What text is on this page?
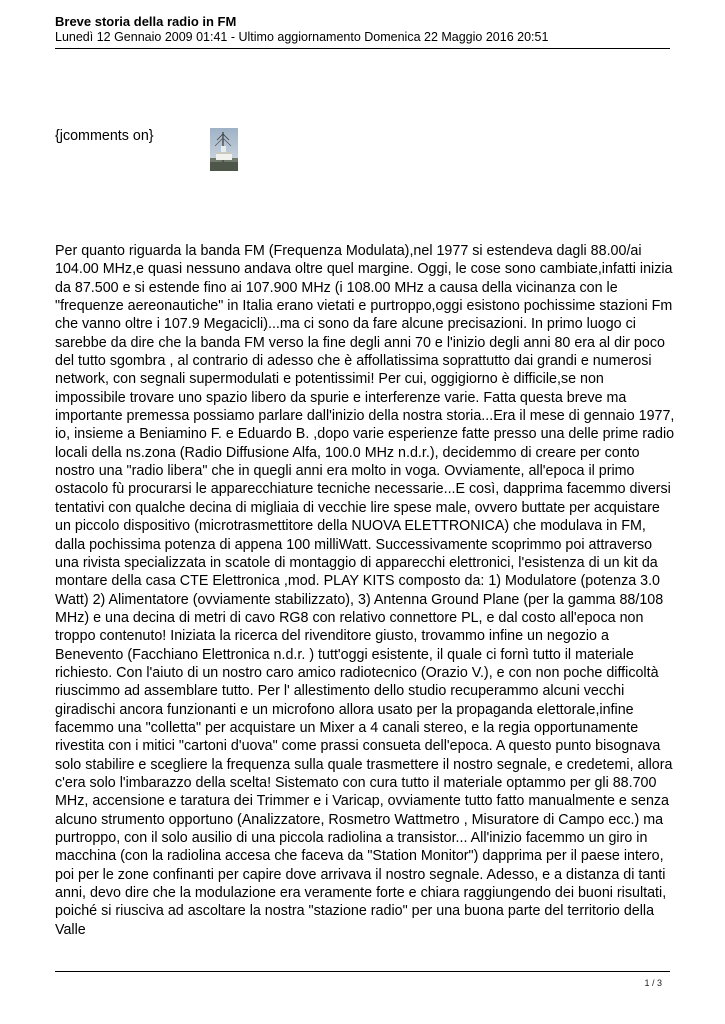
Breve storia della radio in FM

Lunedì 12 Gennaio 2009 01:41 - Ultimo aggiornamento Domenica 22 Maggio 2016 20:51

{jcomments on}

Per quanto riguarda la banda FM (Frequenza Modulata),nel 1977 si estendeva dagli 88.00/ai 104.00 MHz,e quasi nessuno andava oltre quel margine. Oggi, le cose sono cambiate,infatti inizia da 87.500 e si estende fino ai 107.900 MHz (i 108.00 MHz a causa della vicinanza con le "frequenze aereonautiche" in Italia erano vietati e purtroppo,oggi esistono pochissime stazioni Fm che vanno oltre i 107.9 Megacicli)...ma ci sono da fare alcune precisazioni. In primo luogo ci sarebbe da dire che la banda FM verso la fine degli anni 70 e l'inizio degli anni 80 era al dir poco del tutto sgombra , al contrario di adesso che è affollatissima soprattutto dai grandi e numerosi network, con segnali supermodulati e potentissimi! Per cui, oggigiorno è difficile,se non impossibile trovare uno spazio libero da spurie e interferenze varie. Fatta questa breve ma importante premessa possiamo parlare dall'inizio della nostra storia...Era il mese di gennaio 1977, io, insieme a Beniamino F. e Eduardo B. ,dopo varie esperienze fatte presso una delle prime radio locali della ns.zona (Radio Diffusione Alfa, 100.0 MHz n.d.r.), decidemmo di creare per conto nostro una "radio libera" che in quegli anni era molto in voga. Ovviamente, all'epoca il primo ostacolo fù procurarsi le apparecchiature tecniche necessarie...E così, dapprima facemmo diversi tentativi con qualche decina di migliaia di vecchie lire spese male, ovvero buttate per acquistare un piccolo dispositivo (microtrasmettitore della NUOVA ELETTRONICA) che modulava in FM, dalla pochissima potenza di appena 100 milliWatt. Successivamente scoprimmo poi attraverso una rivista specializzata in scatole di montaggio di apparecchi elettronici, l'esistenza di un kit da montare della casa CTE Elettronica ,mod. PLAY KITS composto da: 1) Modulatore (potenza 3.0 Watt) 2) Alimentatore (ovviamente stabilizzato), 3) Antenna Ground Plane (per la gamma 88/108 MHz) e una decina di metri di cavo RG8 con relativo connettore PL, e dal costo all'epoca non troppo contenuto! Iniziata la ricerca del rivenditore giusto, trovammo infine un negozio a Benevento (Facchiano Elettronica n.d.r. ) tutt'oggi esistente, il quale ci fornì tutto il materiale richiesto. Con l'aiuto di un nostro caro amico radiotecnico (Orazio V.), e con non poche difficoltà riuscimmo ad assemblare tutto. Per l' allestimento dello studio recuperammo alcuni vecchi giradischi ancora funzionanti e un microfono allora usato per la propaganda elettorale,infine facemmo una "colletta" per acquistare un Mixer a 4 canali stereo, e la regia opportunamente rivestita con i mitici "cartoni d'uova" come prassi consueta dell'epoca. A questo punto bisognava solo stabilire e scegliere la frequenza sulla quale trasmettere il nostro segnale, e credetemi, allora c'era solo l'imbarazzo della scelta! Sistemato con cura tutto il materiale optammo per gli 88.700 MHz, accensione e taratura dei Trimmer e i Varicap, ovviamente tutto fatto manualmente e senza alcuno strumento opportuno (Analizzatore, Rosmetro Wattmetro , Misuratore di Campo ecc.) ma purtroppo, con il solo ausilio di una piccola radiolina a transistor... All'inizio facemmo un giro in macchina (con la radiolina accesa che faceva da "Station Monitor") dapprima per il paese intero, poi per le zone confinanti per capire dove arrivava il nostro segnale. Adesso, e a distanza di tanti anni, devo dire che la modulazione era veramente forte e chiara raggiungendo dei buoni risultati, poiché si riusciva ad ascoltare la nostra "stazione radio" per una buona parte del territorio della Valle

1 / 3
